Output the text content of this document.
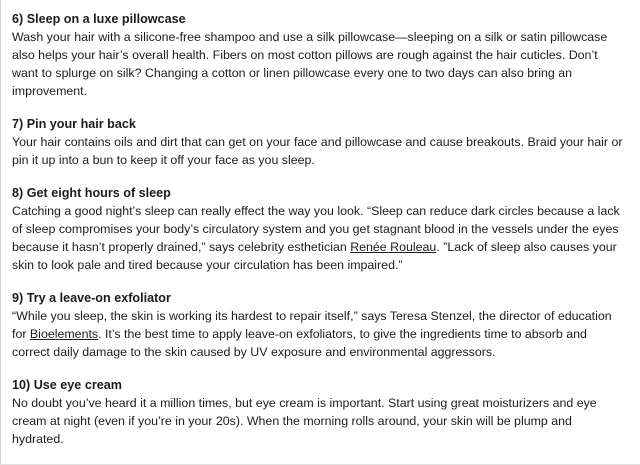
6) Sleep on a luxe pillowcase

Wash your hair with a silicone-free shampoo and use a silk pillowcase—sleeping on a silk or satin pillowcase also helps your hair’s overall health. Fibers on most cotton pillows are rough against the hair cuticles. Don’t want to splurge on silk? Changing a cotton or linen pillowcase every one to two days can also bring an improvement.

7) Pin your hair back

Your hair contains oils and dirt that can get on your face and pillowcase and cause breakouts. Braid your hair or pin it up into a bun to keep it off your face as you sleep.

8) Get eight hours of sleep

Catching a good night’s sleep can really effect the way you look. “Sleep can reduce dark circles because a lack of sleep compromises your body’s circulatory system and you get stagnant blood in the vessels under the eyes because it hasn’t properly drained,” says celebrity esthetician Renée Rouleau. ”Lack of sleep also causes your skin to look pale and tired because your circulation has been impaired.”

9) Try a leave-on exfoliator

“While you sleep, the skin is working its hardest to repair itself,” says Teresa Stenzel, the director of education for Bioelements. It’s the best time to apply leave-on exfoliators, to give the ingredients time to absorb and correct daily damage to the skin caused by UV exposure and environmental aggressors.

10) Use eye cream

No doubt you’ve heard it a million times, but eye cream is important. Start using great moisturizers and eye cream at night (even if you’re in your 20s). When the morning rolls around, your skin will be plump and hydrated.
